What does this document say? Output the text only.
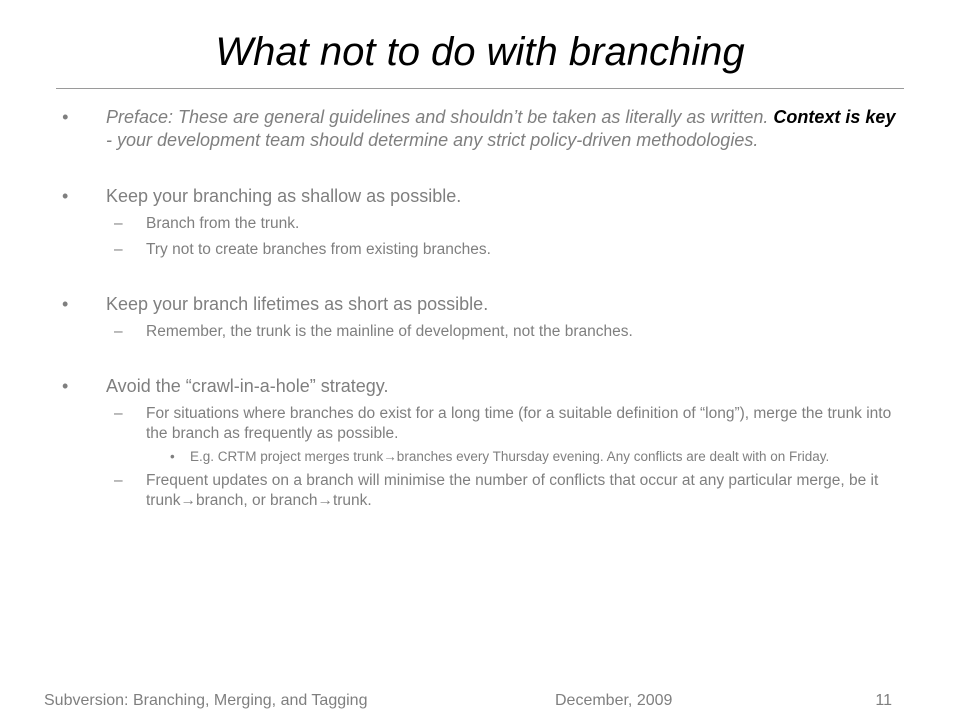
What not to do with branching
• Preface: These are general guidelines and shouldn’t be taken as literally as written. Context is key - your development team should determine any strict policy-driven methodologies.
• Keep your branching as shallow as possible.
– Branch from the trunk.
– Try not to create branches from existing branches.
• Keep your branch lifetimes as short as possible.
– Remember, the trunk is the mainline of development, not the branches.
• Avoid the “crawl-in-a-hole” strategy.
– For situations where branches do exist for a long time (for a suitable definition of “long”), merge the trunk into the branch as frequently as possible.
• E.g. CRTM project merges trunk→branches every Thursday evening. Any conflicts are dealt with on Friday.
– Frequent updates on a branch will minimise the number of conflicts that occur at any particular merge, be it trunk→branch, or branch→trunk.
Subversion: Branching, Merging, and Tagging	December, 2009	11
